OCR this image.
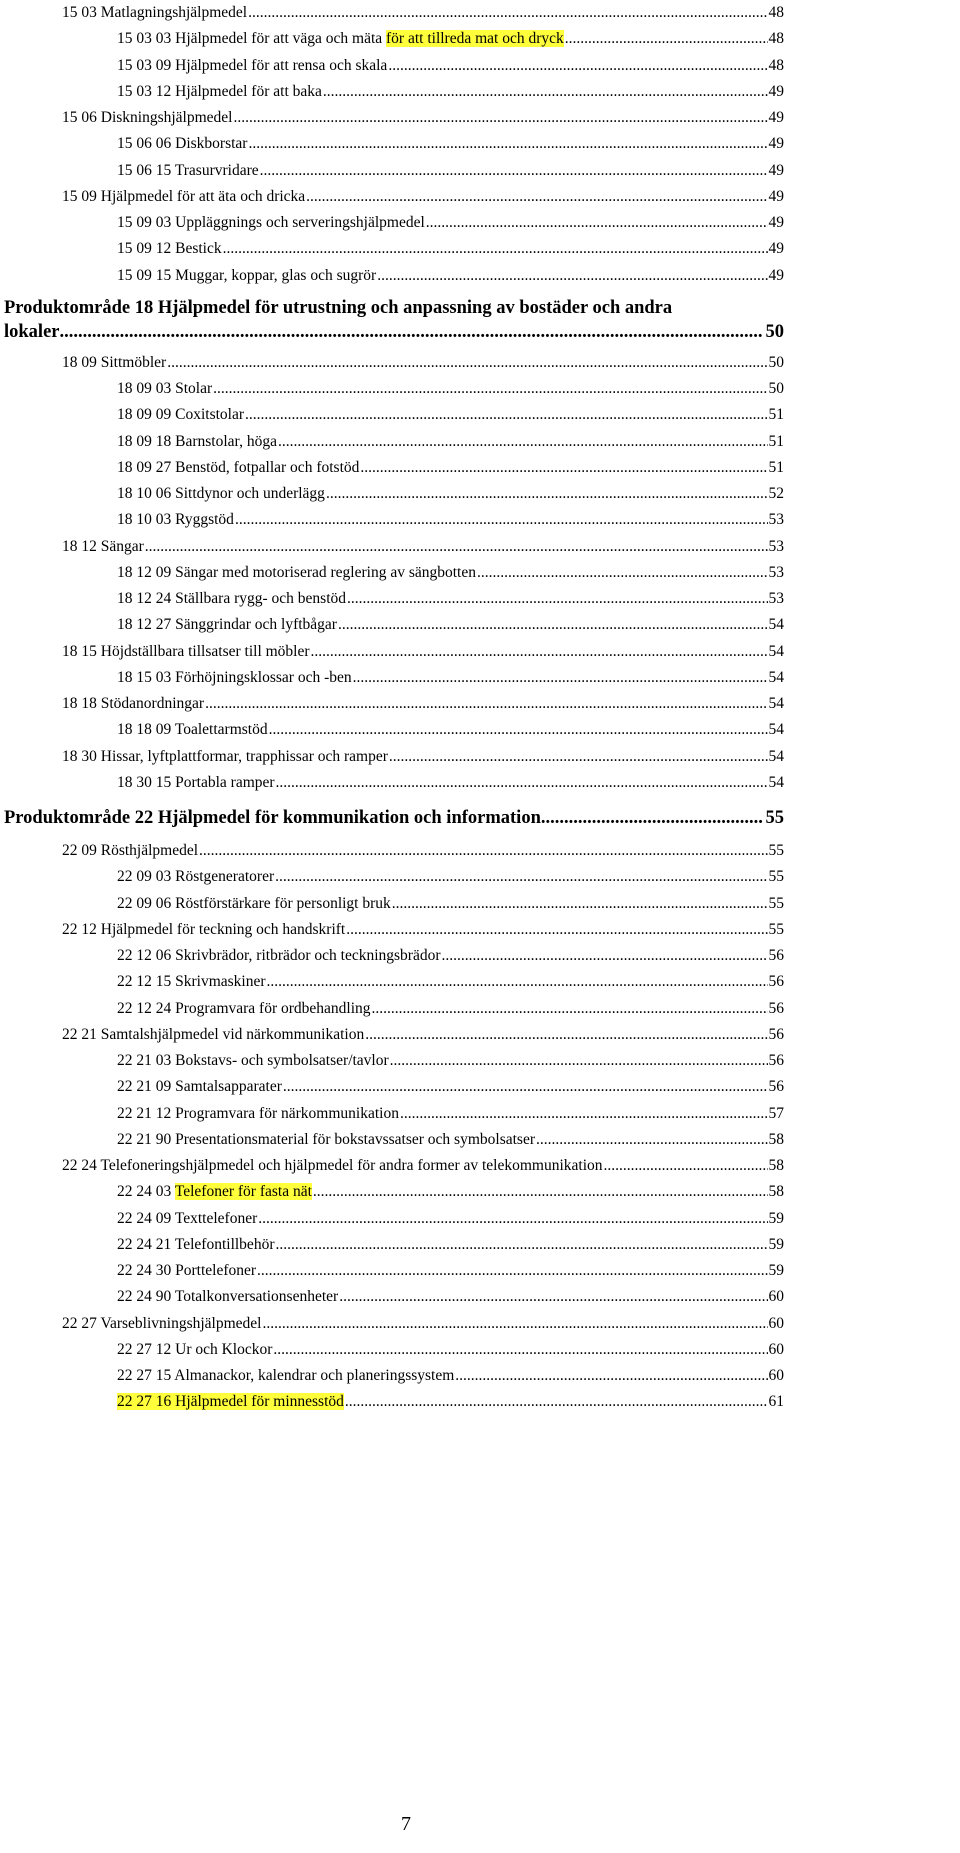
15 03 Matlagningshjälpmedel .....	48
15 03 03 Hjälpmedel för att väga och mäta för att tillreda mat och dryck .....	48
15 03 09 Hjälpmedel för att rensa och skala .....	48
15 03 12 Hjälpmedel för att baka .....	49
15 06 Diskningshjälpmedel .....	49
15 06 06 Diskborstar .....	49
15 06 15 Trasurvridare .....	49
15 09 Hjälpmedel för att äta och dricka .....	49
15 09 03 Uppläggnings och serveringshjälpmedel .....	49
15 09 12 Bestick .....	49
15 09 15 Muggar, koppar, glas och sugrör .....	49
Produktområde 18 Hjälpmedel för utrustning och anpassning av bostäder och andra
lokaler .....	50
18 09 Sittmöbler .....	50
18 09 03 Stolar .....	50
18 09 09 Coxitstolar .....	51
18 09 18 Barnstolar, höga .....	51
18 09 27 Benstöd, fotpallar och fotstöd .....	51
18 10 06 Sittdynor och underlägg .....	52
18 10 03 Ryggstöd .....	53
18 12 Sängar .....	53
18 12 09 Sängar med motoriserad reglering av sängbotten .....	53
18 12 24 Ställbara rygg- och benstöd .....	53
18 12 27 Sänggrindar och lyftbågar .....	54
18 15 Höjdställbara tillsatser till möbler .....	54
18 15 03 Förhöjningsklossar och -ben .....	54
18 18 Stödanordningar .....	54
18 18 09 Toalettarmstöd .....	54
18 30 Hissar, lyftplattformar, trapphissar och ramper .....	54
18 30 15 Portabla ramper .....	54
Produktområde 22 Hjälpmedel för kommunikation och information .....	55
22 09 Rösthjälpmedel .....	55
22 09 03 Röstgeneratorer .....	55
22 09 06 Röstförstärkare för personligt bruk .....	55
22 12 Hjälpmedel för teckning och handskrift .....	55
22 12 06 Skrivbrädor, ritbrädor och teckningsbrädor .....	56
22 12 15 Skrivmaskiner .....	56
22 12 24 Programvara för ordbehandling .....	56
22 21 Samtalshjälpmedel vid närkommunikation .....	56
22 21 03 Bokstavs- och symbolsatser/tavlor .....	56
22 21 09 Samtalsapparater .....	56
22 21 12 Programvara för närkommunikation .....	57
22 21 90 Presentationsmaterial för bokstavssatser och symbolsatser .....	58
22 24 Telefoneringshjälpmedel och hjälpmedel för andra former av telekommunikation .....	58
22 24 03 Telefoner för fasta nät .....	58
22 24 09 Texttelefoner .....	59
22 24 21 Telefontillbehör .....	59
22 24 30 Porttelefoner .....	59
22 24 90 Totalkonversationsenheter .....	60
22 27 Varseblivningshjälpmedel .....	60
22 27 12 Ur och Klockor .....	60
22 27 15 Almanackor, kalendrar och planeringssystem .....	60
22 27 16 Hjälpmedel för minnesstöd .....	61
7
